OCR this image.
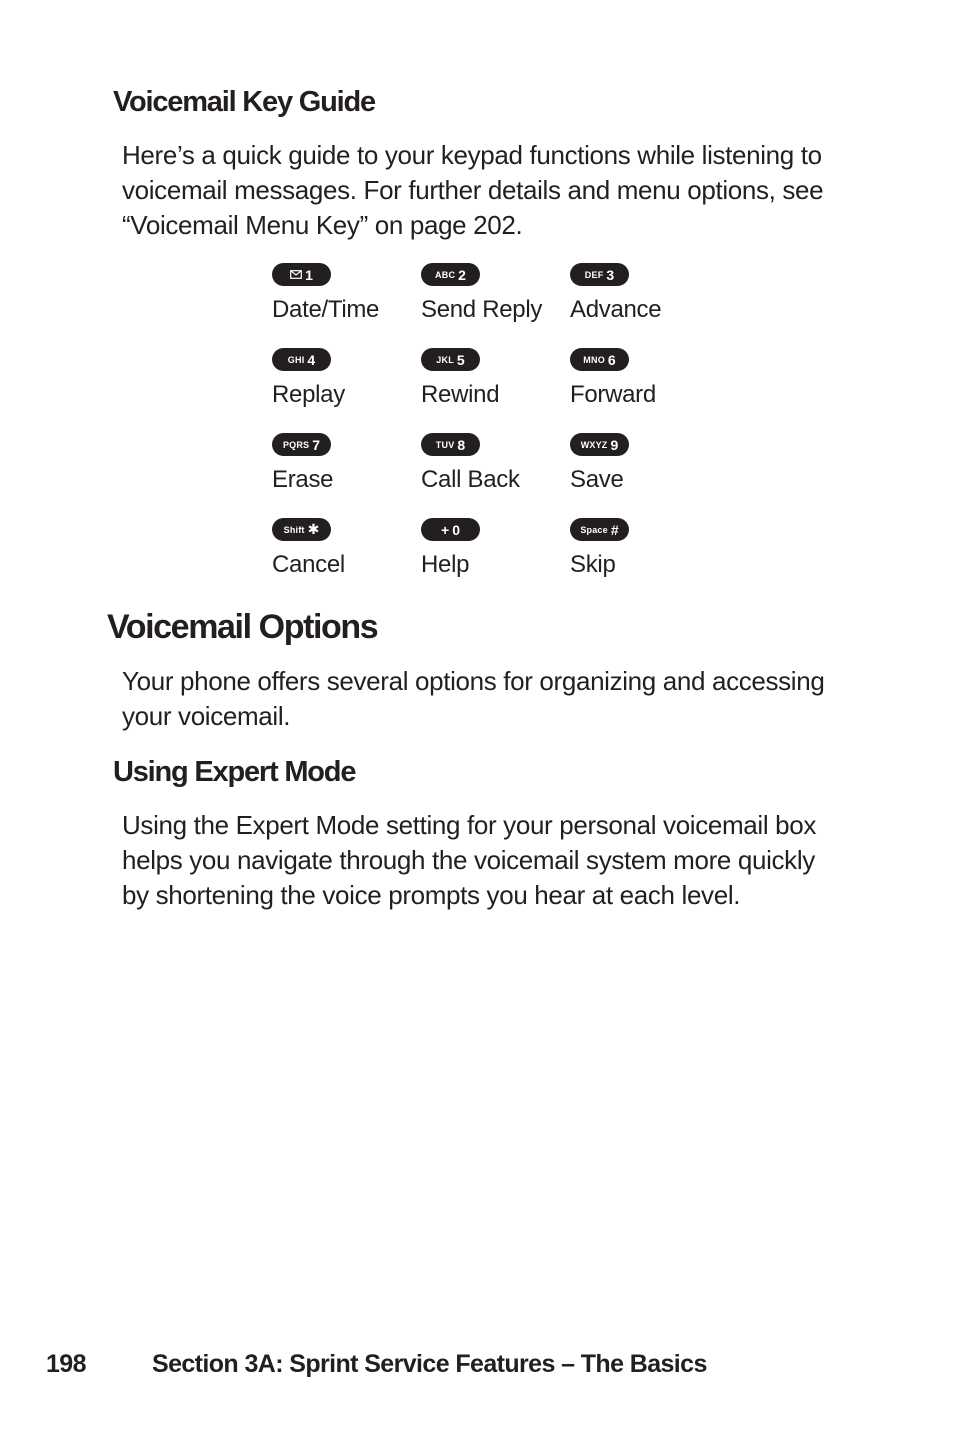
Voicemail Key Guide

Here’s a quick guide to your keypad functions while listening to voicemail messages. For further details and menu options, see “Voicemail Menu Key” on page 202.

1
Date/Time
ABC 2
Send Reply
DEF 3
Advance
GHI 4
Replay
JKL 5
Rewind
MNO 6
Forward
PQRS 7
Erase
TUV 8
Call Back
WXYZ 9
Save
Shift ✱
Cancel
+ 0
Help
Space #
Skip
Voicemail Options

Your phone offers several options for organizing and accessing your voicemail.

Using Expert Mode

Using the Expert Mode setting for your personal voicemail box helps you navigate through the voicemail system more quickly by shortening the voice prompts you hear at each level.

198	Section 3A: Sprint Service Features – The Basics
